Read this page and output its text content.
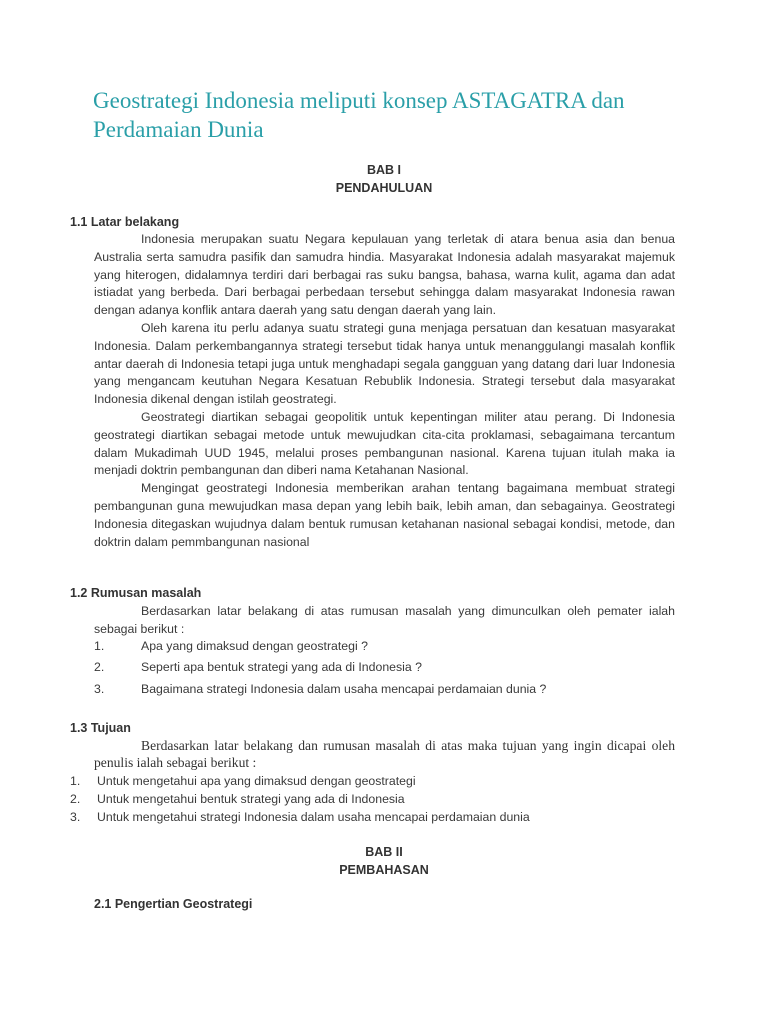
Geostrategi Indonesia meliputi konsep ASTAGATRA dan Perdamaian Dunia
BAB I
PENDAHULUAN
1.1 Latar belakang
Indonesia merupakan suatu Negara kepulauan yang terletak di atara benua asia dan benua Australia serta samudra pasifik dan samudra hindia. Masyarakat Indonesia adalah masyarakat majemuk yang hiterogen, didalamnya terdiri dari berbagai ras suku bangsa, bahasa, warna kulit, agama dan adat istiadat yang berbeda. Dari berbagai perbedaan tersebut sehingga dalam masyarakat Indonesia rawan dengan adanya konflik antara daerah yang satu dengan daerah yang lain.
Oleh karena itu perlu adanya suatu strategi guna menjaga persatuan dan kesatuan masyarakat Indonesia. Dalam perkembangannya strategi tersebut tidak hanya untuk menanggulangi masalah konflik antar daerah di Indonesia tetapi juga untuk menghadapi segala gangguan yang datang dari luar Indonesia yang mengancam keutuhan Negara Kesatuan Rebublik Indonesia. Strategi tersebut dala masyarakat Indonesia dikenal dengan istilah geostrategi.
Geostrategi diartikan sebagai geopolitik untuk kepentingan militer atau perang. Di Indonesia geostrategi diartikan sebagai metode untuk mewujudkan cita-cita proklamasi, sebagaimana tercantum dalam Mukadimah UUD 1945, melalui proses pembangunan nasional. Karena tujuan itulah maka ia menjadi doktrin pembangunan dan diberi nama Ketahanan Nasional.
Mengingat geostrategi Indonesia memberikan arahan tentang bagaimana membuat strategi pembangunan guna mewujudkan masa depan yang lebih baik, lebih aman, dan sebagainya. Geostrategi Indonesia ditegaskan wujudnya dalam bentuk rumusan ketahanan nasional sebagai kondisi, metode, dan doktrin dalam pemmbangunan nasional
1.2 Rumusan masalah
Berdasarkan latar belakang di atas rumusan masalah yang dimunculkan oleh pemater ialah sebagai berikut :
1.	Apa yang dimaksud dengan geostrategi ?
2.	Seperti apa bentuk strategi yang ada di Indonesia ?
3.	Bagaimana strategi Indonesia dalam usaha mencapai perdamaian dunia ?
1.3 Tujuan
Berdasarkan latar belakang dan rumusan masalah di atas maka tujuan yang ingin dicapai oleh penulis ialah sebagai berikut :
1. Untuk mengetahui apa yang dimaksud dengan geostrategi
2. Untuk mengetahui bentuk strategi yang ada di Indonesia
3. Untuk mengetahui strategi Indonesia dalam usaha mencapai perdamaian dunia
BAB II
PEMBAHASAN
2.1 Pengertian Geostrategi
